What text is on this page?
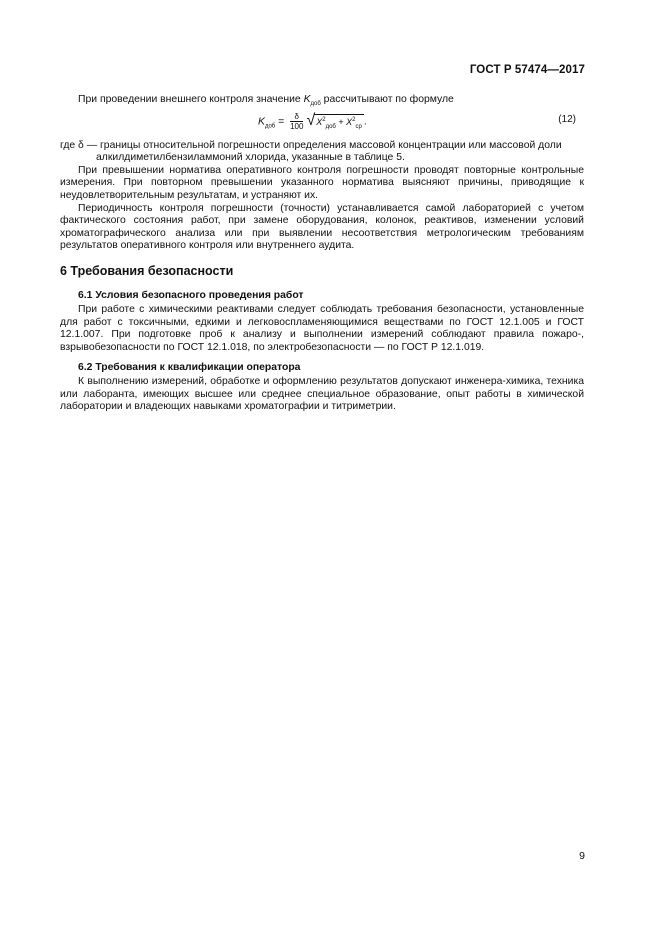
ГОСТ Р 57474—2017

При проведении внешнего контроля значение $K_{доб}$ рассчитывают по формуле

$K_{доб} = \frac{\delta}{100} √X^2_{доб} + X^2_{ср}$ .	(12)

где δ — границы относительной погрешности определения массовой концентрации или массовой доли
алкилдиметилбензиламмоний хлорида, указанные в таблице 5.

При превышении норматива оперативного контроля погрешности проводят повторные контрольные измерения. При повторном превышении указанного норматива выясняют причины, приводящие к неудовлетворительным результатам, и устраняют их.

Периодичность контроля погрешности (точности) устанавливается самой лабораторией с учетом фактического состояния работ, при замене оборудования, колонок, реактивов, изменении условий хроматографического анализа или при выявлении несоответствия метрологическим требованиям результатов оперативного контроля или внутреннего аудита.

6 Требования безопасности
6.1 Условия безопасного проведения работ

При работе с химическими реактивами следует соблюдать требования безопасности, установленные для работ с токсичными, едкими и легковоспламеняющимися веществами по ГОСТ 12.1.005 и ГОСТ 12.1.007. При подготовке проб к анализу и выполнении измерений соблюдают правила пожаро-, взрывобезопасности по ГОСТ 12.1.018, по электробезопасности — по ГОСТ Р 12.1.019.

6.2 Требования к квалификации оператора

К выполнению измерений, обработке и оформлению результатов допускают инженера-химика, техника или лаборанта, имеющих высшее или среднее специальное образование, опыт работы в химической лаборатории и владеющих навыками хроматографии и титриметрии.

9
